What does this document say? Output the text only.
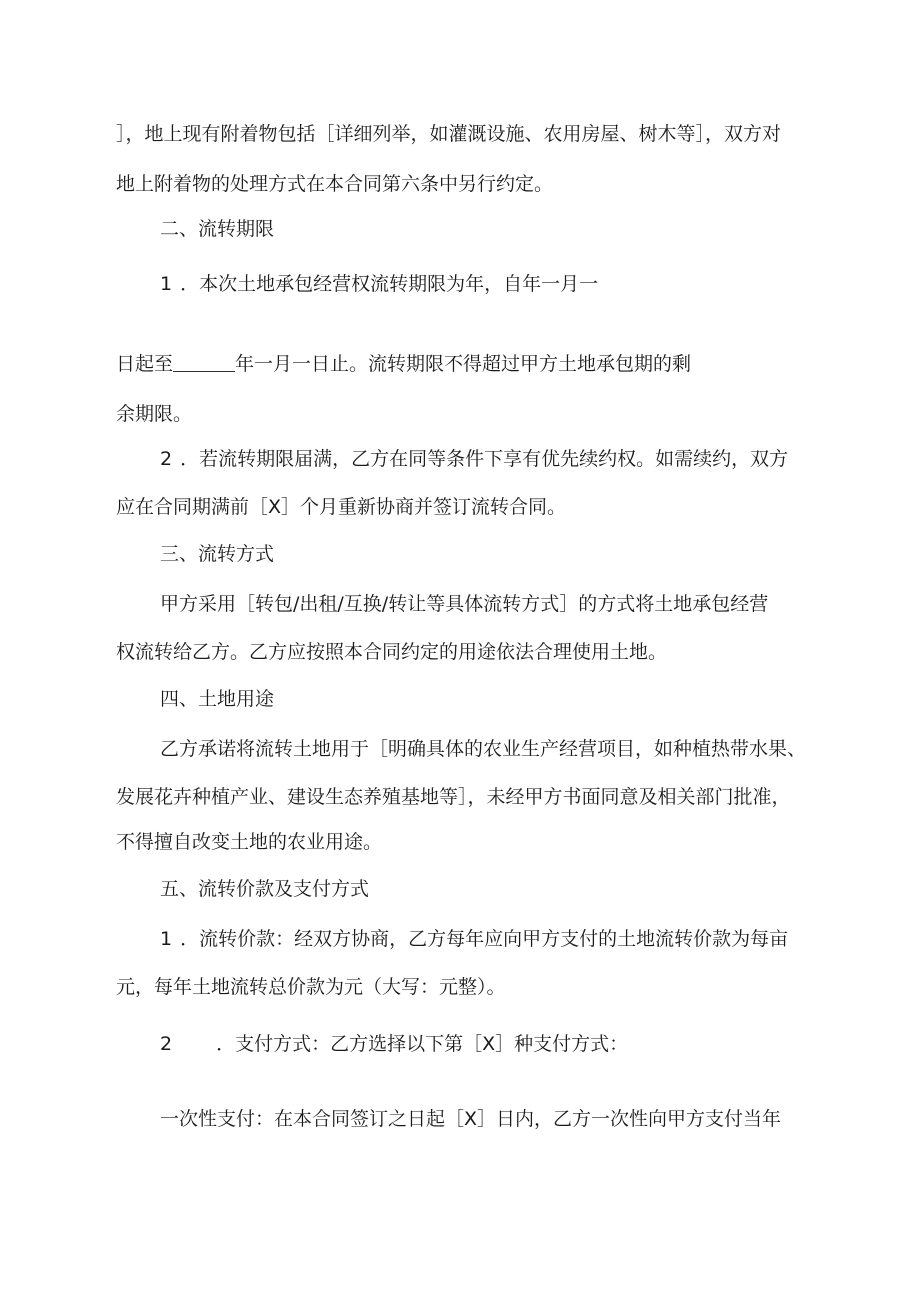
］，地上现有附着物包括［详细列举，如灌溉设施、农用房屋、树木等］，双方对
地上附着物的处理方式在本合同第六条中另行约定。
二、流转期限
1 ．本次土地承包经营权流转期限为年，自年一月一
日起至	年一月一日止。流转期限不得超过甲方土地承包期的剩
余期限。
2 ．若流转期限届满，乙方在同等条件下享有优先续约权。如需续约，双方
应在合同期满前［X］个月重新协商并签订流转合同。
三、流转方式
甲方采用［转包/出租/互换/转让等具体流转方式］的方式将土地承包经营
权流转给乙方。乙方应按照本合同约定的用途依法合理使用土地。
四、土地用途
乙方承诺将流转土地用于［明确具体的农业生产经营项目，如种植热带水果、
发展花卉种植产业、建设生态养殖基地等］，未经甲方书面同意及相关部门批准，
不得擅自改变土地的农业用途。
五、流转价款及支付方式
1 ．流转价款：经双方协商，乙方每年应向甲方支付的土地流转价款为每亩
元，每年土地流转总价款为元（大写：元整）。
2 ．支付方式：乙方选择以下第［X］种支付方式：
一次性支付：在本合同签订之日起［X］日内，乙方一次性向甲方支付当年
